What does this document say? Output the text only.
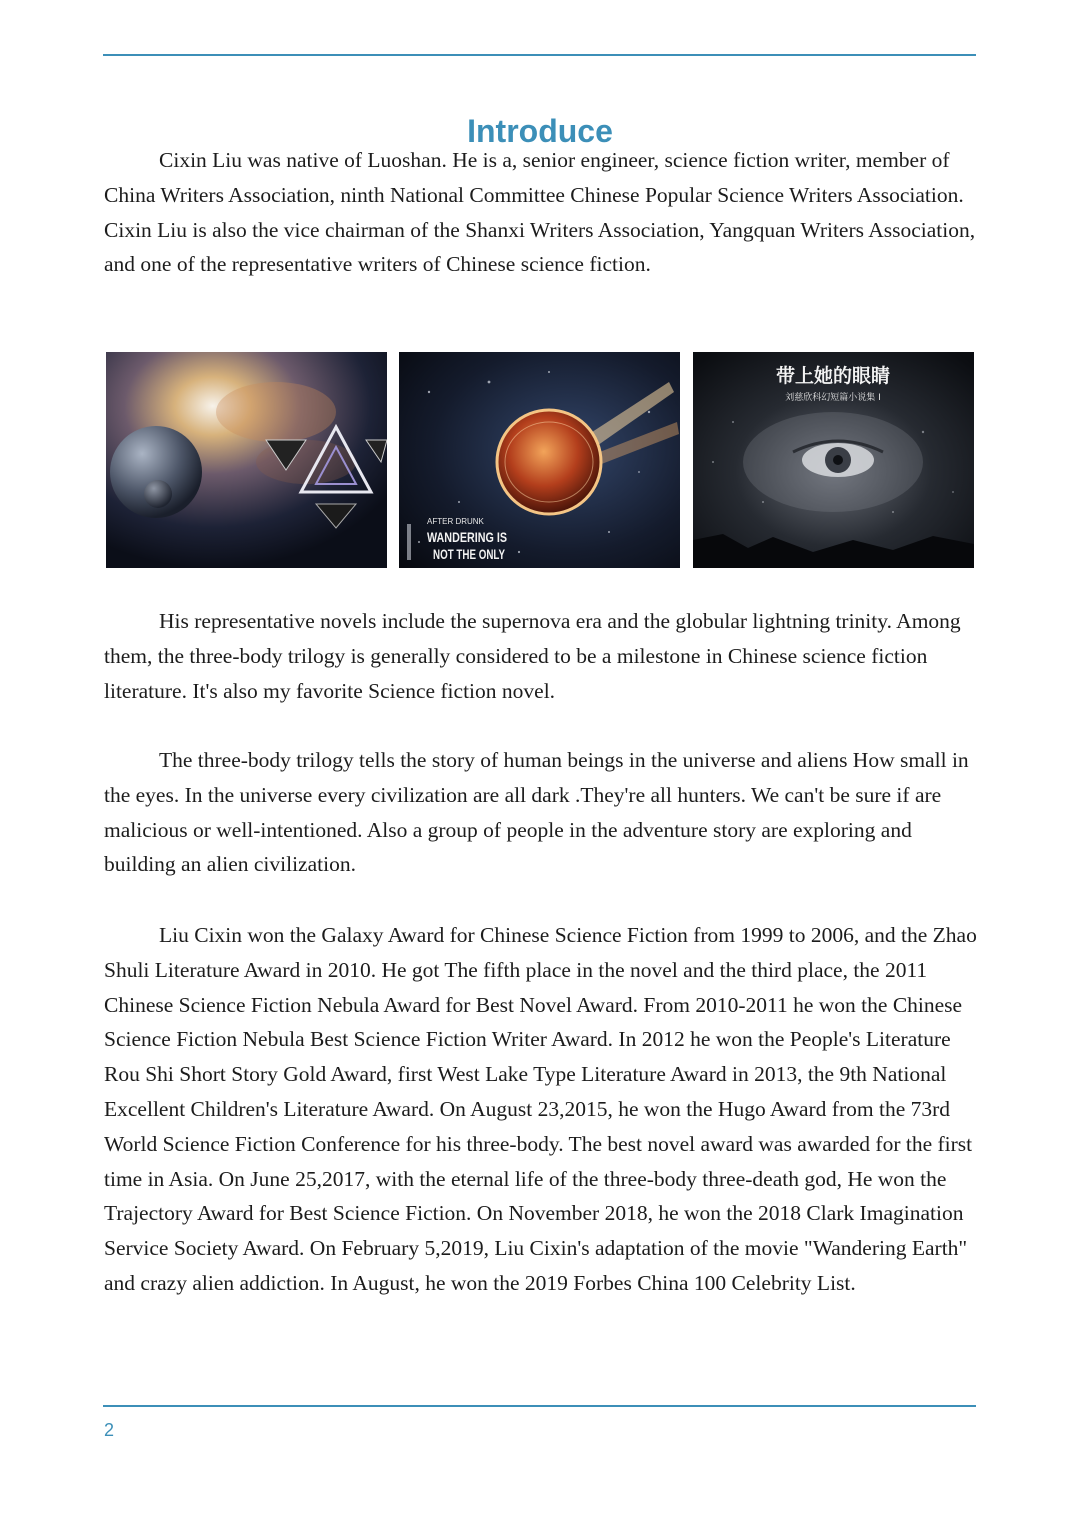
Introduce

Cixin Liu was native of Luoshan. He is a, senior engineer, science fiction writer, member of China Writers Association, ninth National Committee Chinese Popular Science Writers Association. Cixin Liu is also the vice chairman of the Shanxi Writers Association, Yangquan Writers Association, and one of the representative writers of Chinese science fiction.

AFTER DRUNK
WANDERING IS
NOT THE ONLY
带上她的眼睛
刘慈欣科幻短篇小说集 I

His representative novels include the supernova era and the globular lightning trinity. Among them, the three-body trilogy is generally considered to be a milestone in Chinese science fiction literature. It's also my favorite Science fiction novel.

The three-body trilogy tells the story of human beings in the universe and aliens How small in the eyes. In the universe every civilization are all dark .They're all hunters. We can't be sure if are malicious or well-intentioned. Also a group of people in the adventure story are exploring and building an alien civilization.

Liu Cixin won the Galaxy Award for Chinese Science Fiction from 1999 to 2006, and the Zhao Shuli Literature Award in 2010. He got The fifth place in the novel and the third place, the 2011 Chinese Science Fiction Nebula Award for Best Novel Award. From 2010-2011 he won the Chinese Science Fiction Nebula Best Science Fiction Writer Award. In 2012 he won the People's Literature Rou Shi Short Story Gold Award, first West Lake Type Literature Award in 2013, the 9th National Excellent Children's Literature Award. On August 23,2015, he won the Hugo Award from the 73rd World Science Fiction Conference for his three-body. The best novel award was awarded for the first time in Asia. On June 25,2017, with the eternal life of the three-body three-death god, He won the Trajectory Award for Best Science Fiction. On November 2018, he won the 2018 Clark Imagination Service Society Award. On February 5,2019, Liu Cixin's adaptation of the movie "Wandering Earth" and crazy alien addiction. In August, he won the 2019 Forbes China 100 Celebrity List.

2
